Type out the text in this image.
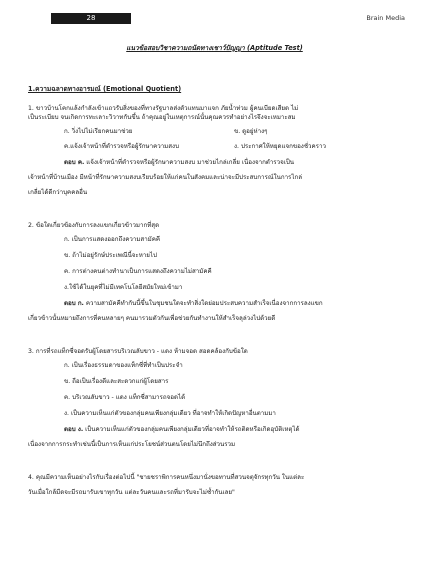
28	Brain Media

แนวข้อสอบวิชาความถนัดทางเชาว์ปัญญา (Aptitude Test)

1.ความฉลาดทางอารมณ์ (Emotional Quotient)

1. ขาวบ้านโคกแล้งกำลังเข้าแถวรับสิ่งของที่ทางรัฐบาลส่งตัวแทนมาแจก ภัยน้ำท่วม ผู้คนเบียดเสียด ไม่
เป็นระเบียบ จนเกิดการทะเลาะวิวาทกันขึ้น ถ้าคุณอยู่ในเหตุการณ์นั้นคุณควรทำอย่างไรจึงจะเหมาะสม
ก. วิ่งไปไม่เรียกคนมาช่วย	ข. ดูอยู่ห่างๆ
ค.แจ้งเจ้าหน้าที่ตำรวจหรือผู้รักษาความสงบ	ง. ประกาศให้หยุดแจกของชั่วคราว
ตอบ ค. แจ้งเจ้าหน้าที่ตำรวจหรือผู้รักษาความสงบ มาช่วยไกล่เกลี่ย เนื่องจากตำรวจเป็น
เจ้าหน้าที่บ้านเมือง มีหน้าที่รักษาความสงบเรียบร้อยให้แก่คนในสังคมและน่าจะมีประสบการณ์ในการไกล่
เกลี่ยได้ดีกว่าบุคคลอื่น
2. ข้อใดเกี่ยวข้องกับการลงแขกเกี่ยวข้าวมากที่สุด
ก. เป็นการแสดงออกถึงความสามัคคี
ข. ถ้าไม่อยู่รักษ์ประเพณีนี้จะหายไป
ค. การต่างคนต่างทำนาเป็นการแสดงถึงความไม่สามัคคี
ง.ใช้ได้ในยุคที่ไม่มีเทคโนโลยีสมัยใหม่เข้ามา
ตอบ ก. ความสามัคคีทำกันนี้ขึ้นในชุมชนใดจะทำสิ่งใดย่อมประสบความสำเร็จเนื่องจากการลงแขก
เกี่ยวข้าวนั้นหมายถึงการที่คนหลายๆ คนมารวมตัวกันเพื่อช่วยกันทำงานให้สำเร็จลุล่วงไปด้วยดี
3. การที่รถแท็กซี่จอดรับผู้โดยสารบริเวณลับขาว - แดง ห้ามจอด สอดคล้องกับข้อใด
ก. เป็นเรื่องธรรมดาของแท็กซี่ที่ทำเป็นประจำ
ข. ถือเป็นเรื่องดีและสะดวกแก่ผู้โดยสาร
ค. บริเวณลับขาว - แดง แท็กซี่สามารถจอดได้
ง. เป็นความเห็นแก่ตัวของกลุ่มคนเพียงกลุ่มเดียว ที่อาจทำให้เกิดปัญหาอื่นตามมา
ตอบ ง. เป็นความเห็นแก่ตัวของกลุ่มคนเพียงกลุ่มเดียวที่อาจทำให้รถติดหรือเกิดอุบัติเหตุได้
เนื่องจากการกระทำเช่นนี้เป็นการเห็นแก่ประโยชน์ส่วนตนโดยไม่นึกถึงส่วนรวม
4. คุณมีความเห็นอย่างไรกับเรื่องต่อไปนี้ "ชายชราพิการคนหนึ่งมานั่งขอทานที่สวนจตุจักรทุกวัน ในแต่ละ
วันเมื่อใกล้มืดจะมีรถมารับเขาทุกวัน แต่ละวันคนและรถที่มารับจะไม่ซ้ำกันเลย"
